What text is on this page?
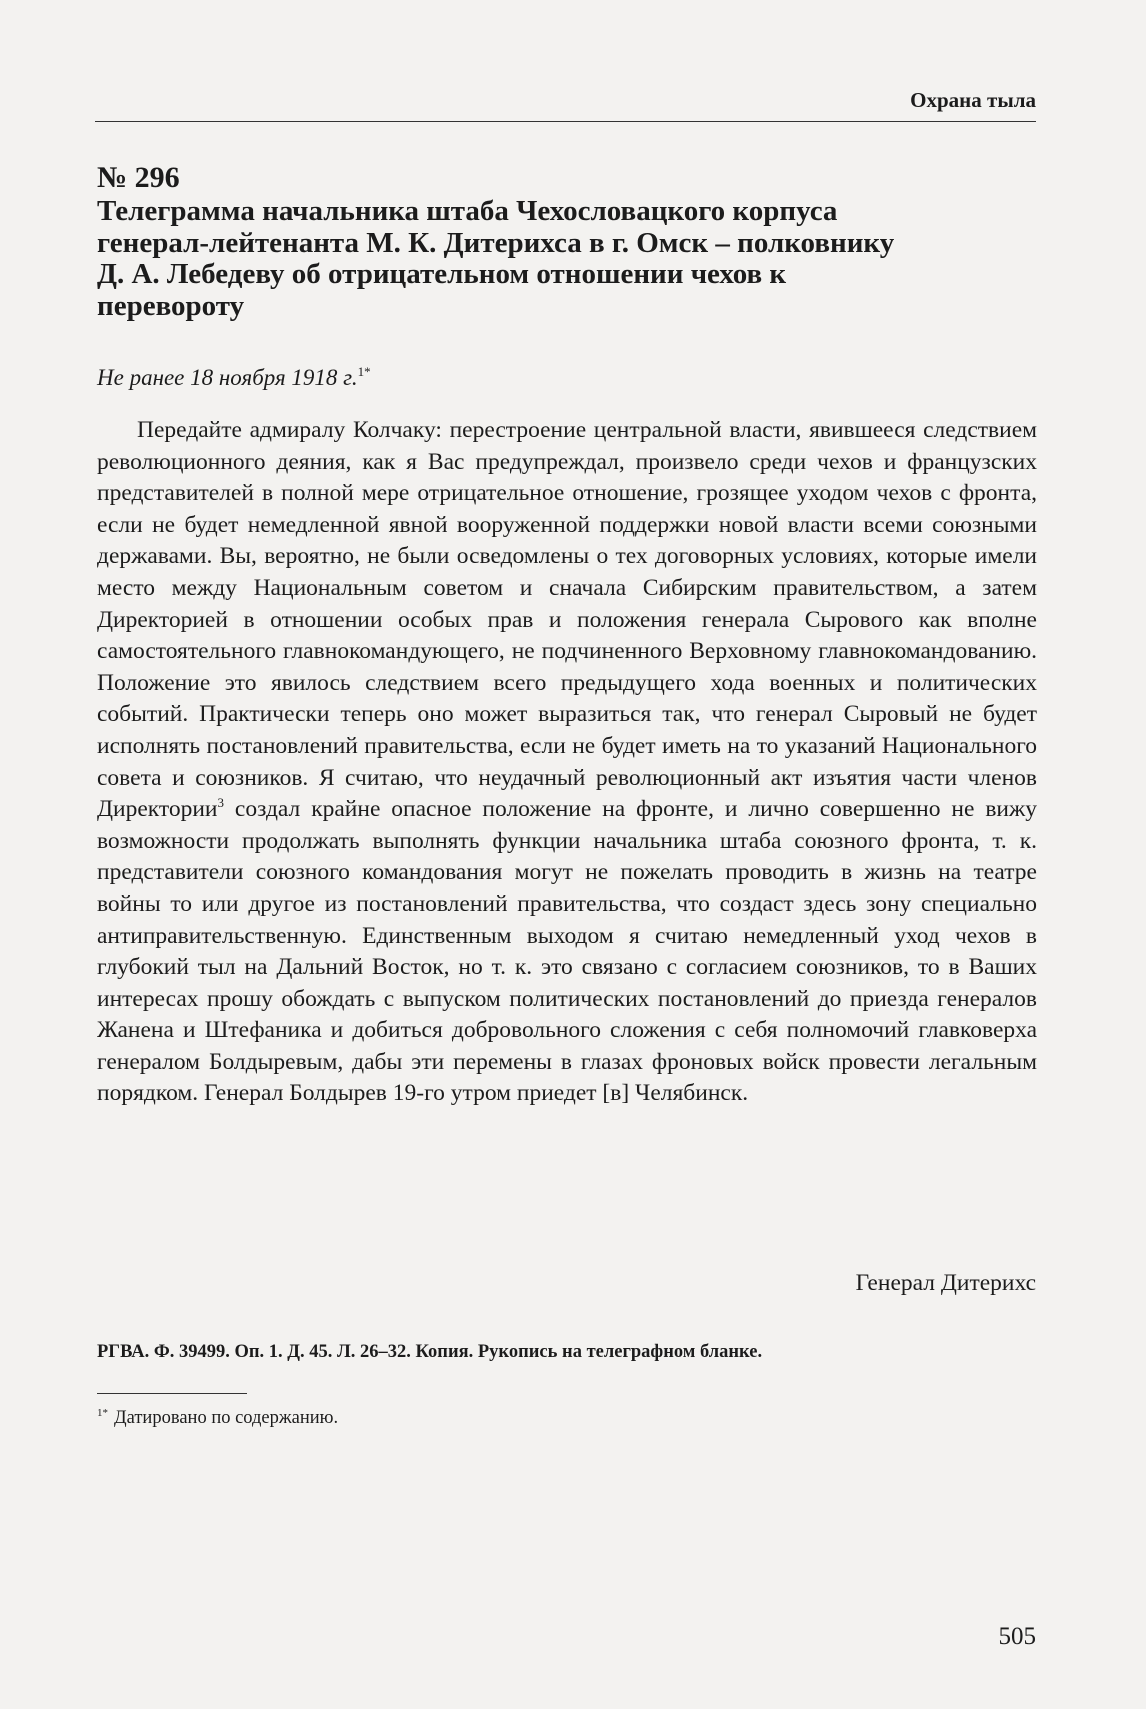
Охрана тыла
№ 296
Телеграмма начальника штаба Чехословацкого корпуса генерал-лейтенанта М. К. Дитерихса в г. Омск – полковнику Д. А. Лебедеву об отрицательном отношении чехов к перевороту
Не ранее 18 ноября 1918 г.$^{1*}$

Передайте адмиралу Колчаку: перестроение центральной власти, явившееся следствием революционного деяния, как я Вас предупреждал, произвело среди чехов и французских представителей в полной мере отрицательное отношение, грозящее уходом чехов с фронта, если не будет немедленной явной вооруженной поддержки новой власти всеми союзными державами. Вы, вероятно, не были осведомлены о тех договорных условиях, которые имели место между Национальным советом и сначала Сибирским правительством, а затем Директорией в отношении особых прав и положения генерала Сырового как вполне самостоятельного главнокомандующего, не подчиненного Верховному главнокомандованию. Положение это явилось следствием всего предыдущего хода военных и политических событий. Практически теперь оно может выразиться так, что генерал Сыровый не будет исполнять постановлений правительства, если не будет иметь на то указаний Национального совета и союзников. Я считаю, что неудачный революционный акт изъятия части членов Директории$^3$ создал крайне опасное положение на фронте, и лично совершенно не вижу возможности продолжать выполнять функции начальника штаба союзного фронта, т. к. представители союзного командования могут не пожелать проводить в жизнь на театре войны то или другое из постановлений правительства, что создаст здесь зону специально антиправительственную. Единственным выходом я считаю немедленный уход чехов в глубокий тыл на Дальний Восток, но т. к. это связано с согласием союзников, то в Ваших интересах прошу обождать с выпуском политических постановлений до приезда генералов Жанена и Штефаника и добиться добровольного сложения с себя полномочий главковерха генералом Болдыревым, дабы эти перемены в глазах фроновых войск провести легальным порядком. Генерал Болдырев 19-го утром приедет [в] Челябинск.

Генерал Дитерихс
РГВА. Ф. 39499. Оп. 1. Д. 45. Л. 26–32. Копия. Рукопись на телеграфном бланке.
$^{1*}$ Датировано по содержанию.
505
